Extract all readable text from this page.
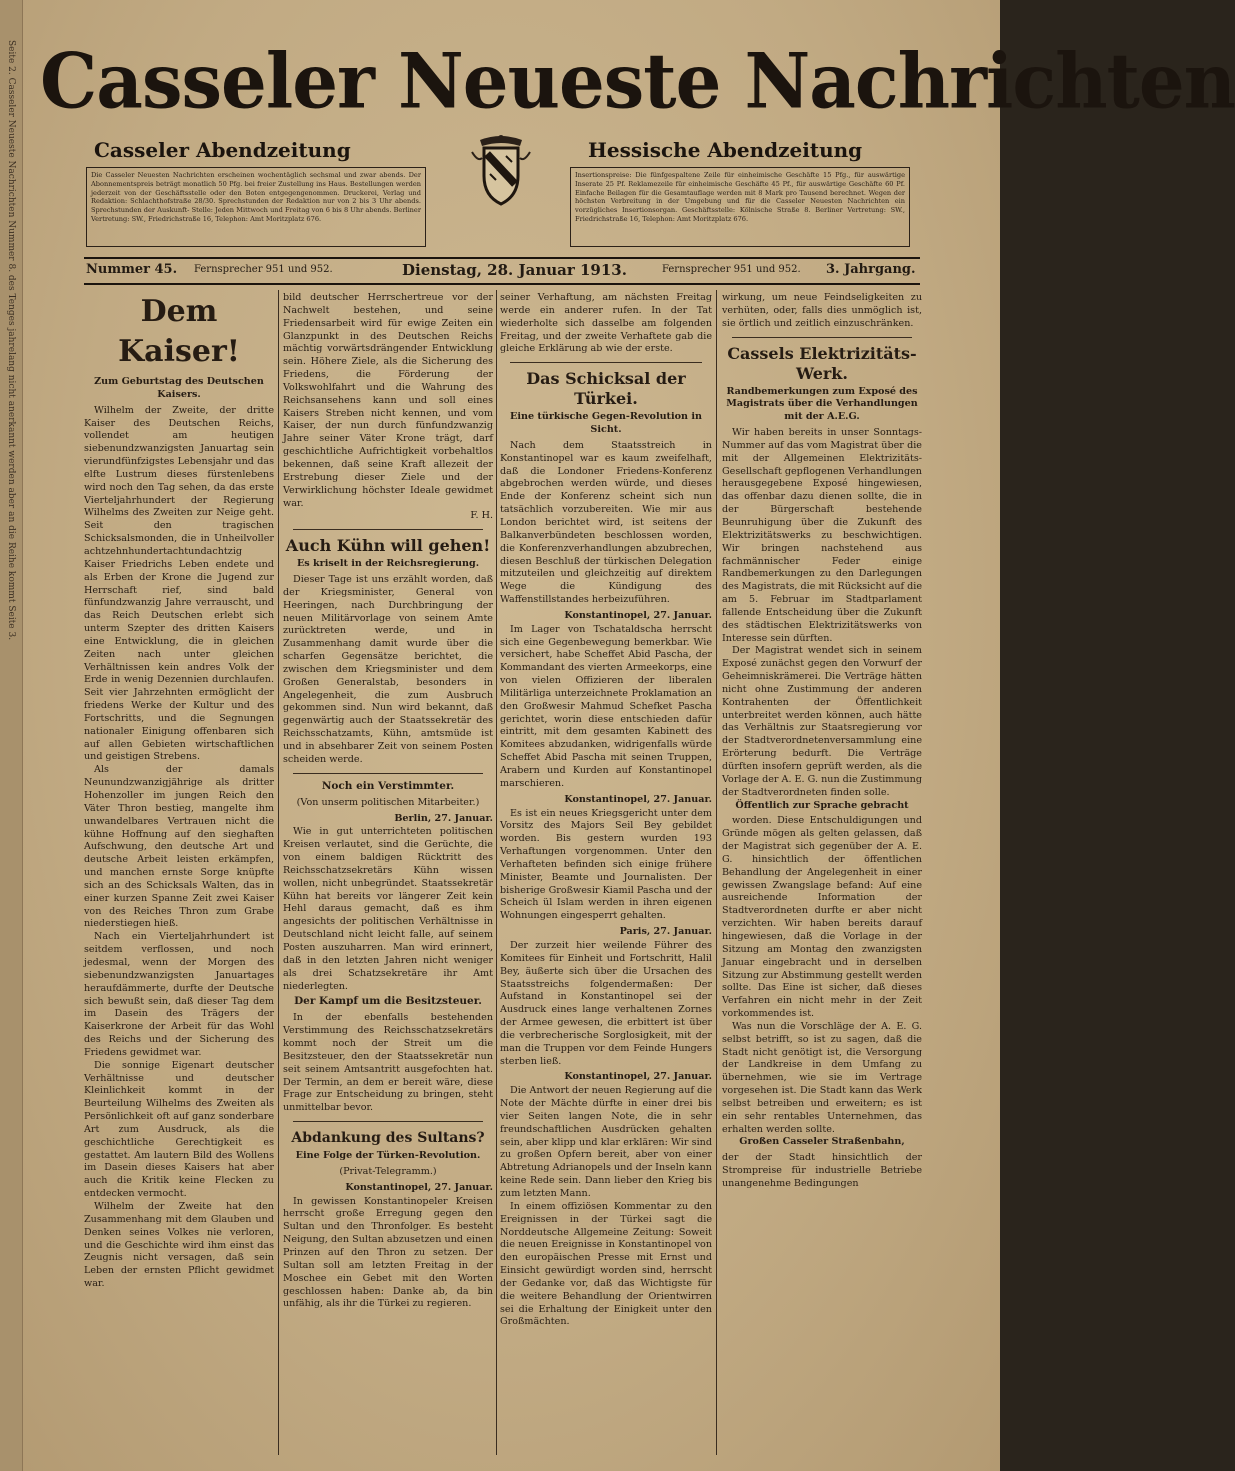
Seite 2. Casseler Neueste Nachrichten Nummer 8. des Tenges jahrelang nicht anerkannt werden aber an die Reihe kommt Seite 3. Casseler Neueste Nachrichten
Casseler Abendzeitung	Hessische Abendzeitung
Die Casseler Neuesten Nachrichten erscheinen wochentäglich sechsmal und zwar abends. Der Abonnementspreis beträgt monatlich 50 Pfg. bei freier Zustellung ins Haus. Bestellungen werden jederzeit von der Geschäftsstelle oder den Boten entgegengenommen. Druckerei, Verlag und Redaktion: Schlachthofstraße 28/30. Sprechstunden der Redaktion nur von 2 bis 3 Uhr abends. Sprechstunden der Auskunft- Stelle: Jeden Mittwoch und Freitag von 6 bis 8 Uhr abends. Berliner Vertretung: SW., Friedrichstraße 16, Telephon: Amt Moritzplatz 676.
Insertionspreise: Die fünfgespaltene Zeile für einheimische Geschäfte 15 Pfg., für auswärtige Inserate 25 Pf. Reklamezeile für einheimische Geschäfte 45 Pf., für auswärtige Geschäfte 60 Pf. Einfache Beilagen für die Gesamtauflage werden mit 8 Mark pro Tausend berechnet. Wegen der höchsten Verbreitung in der Umgebung und für die Casseler Neuesten Nachrichten ein vorzügliches Insertionsorgan. Geschäftsstelle: Kölnische Straße 8. Berliner Vertretung: SW., Friedrichstraße 16, Telephon: Amt Moritzplatz 676.
Nummer 45. Fernsprecher 951 und 952.	Dienstag, 28. Januar 1913.	Fernsprecher 951 und 952. 3. Jahrgang.
Dem Kaiser!
Zum Geburtstag des Deutschen Kaisers.

Wilhelm der Zweite, der dritte Kaiser des Deutschen Reichs, vollendet am heutigen siebenundzwanzigsten Januartag sein vierundfünfzigstes Lebensjahr und das elfte Lustrum dieses fürstenlebens wird noch den Tag sehen, da das erste Vierteljahrhundert der Regierung Wilhelms des Zweiten zur Neige geht. Seit den tragischen Schicksalsmonden, die in Unheilvoller achtzehnhundertachtundachtzig Kaiser Friedrichs Leben endete und als Erben der Krone die Jugend zur Herrschaft rief, sind bald fünfundzwanzig Jahre verrauscht, und das Reich Deutschen erlebt sich unterm Szepter des dritten Kaisers eine Entwicklung, die in gleichen Zeiten nach unter gleichen Verhältnissen kein andres Volk der Erde in wenig Dezennien durchlaufen. Seit vier Jahrzehnten ermöglicht der friedens Werke der Kultur und des Fortschritts, und die Segnungen nationaler Einigung offenbaren sich auf allen Gebieten wirtschaftlichen und geistigen Strebens.

Als der damals Neunundzwanzigjährige als dritter Hohenzoller im jungen Reich den Väter Thron bestieg, mangelte ihm unwandelbares Vertrauen nicht die kühne Hoffnung auf den sieghaften Aufschwung, den deutsche Art und deutsche Arbeit leisten erkämpfen, und manchen ernste Sorge knüpfte sich an des Schicksals Walten, das in einer kurzen Spanne Zeit zwei Kaiser von des Reiches Thron zum Grabe niederstiegen hieß.

Nach ein Vierteljahrhundert ist seitdem verflossen, und noch jedesmal, wenn der Morgen des siebenundzwanzigsten Januartages heraufdämmerte, durfte der Deutsche sich bewußt sein, daß dieser Tag dem im Dasein des Trägers der Kaiserkrone der Arbeit für das Wohl des Reichs und der Sicherung des Friedens gewidmet war.

Die sonnige Eigenart deutscher Verhältnisse und deutscher Kleinlichkeit kommt in der Beurteilung Wilhelms des Zweiten als Persönlichkeit oft auf ganz sonderbare Art zum Ausdruck, als die geschichtliche Gerechtigkeit es gestattet. Am lautern Bild des Wollens im Dasein dieses Kaisers hat aber auch die Kritik keine Flecken zu entdecken vermocht.

Wilhelm der Zweite hat den Zusammenhang mit dem Glauben und Denken seines Volkes nie verloren, und die Geschichte wird ihm einst das Zeugnis nicht versagen, daß sein Leben der ernsten Pflicht gewidmet war.

bild deutscher Herrschertreue vor der Nachwelt bestehen, und seine Friedensarbeit wird für ewige Zeiten ein Glanzpunkt in des Deutschen Reichs mächtig vorwärtsdrängender Entwicklung sein. Höhere Ziele, als die Sicherung des Friedens, die Förderung der Volkswohlfahrt und die Wahrung des Reichsansehens kann und soll eines Kaisers Streben nicht kennen, und vom Kaiser, der nun durch fünfundzwanzig Jahre seiner Väter Krone trägt, darf geschichtliche Aufrichtigkeit vorbehaltlos bekennen, daß seine Kraft allezeit der Erstrebung dieser Ziele und der Verwirklichung höchster Ideale gewidmet war.

F. H.
Auch Kühn will gehen!
Es kriselt in der Reichsregierung.

Dieser Tage ist uns erzählt worden, daß der Kriegsminister, General von Heeringen, nach Durchbringung der neuen Militärvorlage von seinem Amte zurücktreten werde, und in Zusammenhang damit wurde über die scharfen Gegensätze berichtet, die zwischen dem Kriegsminister und dem Großen Generalstab, besonders in Angelegenheit, die zum Ausbruch gekommen sind. Nun wird bekannt, daß gegenwärtig auch der Staatssekretär des Reichsschatzamts, Kühn, amtsmüde ist und in absehbarer Zeit von seinem Posten scheiden werde.

Noch ein Verstimmter.
(Von unserm politischen Mitarbeiter.)
Berlin, 27. Januar.

Wie in gut unterrichteten politischen Kreisen verlautet, sind die Gerüchte, die von einem baldigen Rücktritt des Reichsschatzsekretärs Kühn wissen wollen, nicht unbegründet. Staatssekretär Kühn hat bereits vor längerer Zeit kein Hehl daraus gemacht, daß es ihm angesichts der politischen Verhältnisse in Deutschland nicht leicht falle, auf seinem Posten auszuharren. Man wird erinnert, daß in den letzten Jahren nicht weniger als drei Schatzsekretäre ihr Amt niederlegten.

Der Kampf um die Besitzsteuer.

In der ebenfalls bestehenden Verstimmung des Reichsschatzsekretärs kommt noch der Streit um die Besitzsteuer, den der Staatssekretär nun seit seinem Amtsantritt ausgefochten hat. Der Termin, an dem er bereit wäre, diese Frage zur Entscheidung zu bringen, steht unmittelbar bevor.

Abdankung des Sultans?
Eine Folge der Türken-Revolution.
(Privat-Telegramm.)
Konstantinopel, 27. Januar.

In gewissen Konstantinopeler Kreisen herrscht große Erregung gegen den Sultan und den Thronfolger. Es besteht Neigung, den Sultan abzusetzen und einen Prinzen auf den Thron zu setzen. Der Sultan soll am letzten Freitag in der Moschee ein Gebet mit den Worten geschlossen haben: Danke ab, da bin unfähig, als ihr die Türkei zu regieren.

seiner Verhaftung, am nächsten Freitag werde ein anderer rufen. In der Tat wiederholte sich dasselbe am folgenden Freitag, und der zweite Verhaftete gab die gleiche Erklärung ab wie der erste.

Das Schicksal der Türkei.
Eine türkische Gegen-Revolution in Sicht.

Nach dem Staatsstreich in Konstantinopel war es kaum zweifelhaft, daß die Londoner Friedens-Konferenz abgebrochen werden würde, und dieses Ende der Konferenz scheint sich nun tatsächlich vorzubereiten. Wie mir aus London berichtet wird, ist seitens der Balkanverbündeten beschlossen worden, die Konferenzverhandlungen abzubrechen, diesen Beschluß der türkischen Delegation mitzuteilen und gleichzeitig auf direktem Wege die Kündigung des Waffenstillstandes herbeizuführen.

Konstantinopel, 27. Januar.

Im Lager von Tschataldscha herrscht sich eine Gegenbewegung bemerkbar. Wie versichert, habe Scheffet Abid Pascha, der Kommandant des vierten Armeekorps, eine von vielen Offizieren der liberalen Militärliga unterzeichnete Proklamation an den Großwesir Mahmud Schefket Pascha gerichtet, worin diese entschieden dafür eintritt, mit dem gesamten Kabinett des Komitees abzudanken, widrigenfalls würde Scheffet Abid Pascha mit seinen Truppen, Arabern und Kurden auf Konstantinopel marschieren.

Konstantinopel, 27. Januar.

Es ist ein neues Kriegsgericht unter dem Vorsitz des Majors Seil Bey gebildet worden. Bis gestern wurden 193 Verhaftungen vorgenommen. Unter den Verhafteten befinden sich einige frühere Minister, Beamte und Journalisten. Der bisherige Großwesir Kiamil Pascha und der Scheich ül Islam werden in ihren eigenen Wohnungen eingesperrt gehalten.

Paris, 27. Januar.

Der zurzeit hier weilende Führer des Komitees für Einheit und Fortschritt, Halil Bey, äußerte sich über die Ursachen des Staatsstreichs folgendermaßen: Der Aufstand in Konstantinopel sei der Ausdruck eines lange verhaltenen Zornes der Armee gewesen, die erbittert ist über die verbrecherische Sorglosigkeit, mit der man die Truppen vor dem Feinde Hungers sterben ließ.

Konstantinopel, 27. Januar.

Die Antwort der neuen Regierung auf die Note der Mächte dürfte in einer drei bis vier Seiten langen Note, die in sehr freundschaftlichen Ausdrücken gehalten sein, aber klipp und klar erklären: Wir sind zu großen Opfern bereit, aber von einer Abtretung Adrianopels und der Inseln kann keine Rede sein. Dann lieber den Krieg bis zum letzten Mann.

In einem offiziösen Kommentar zu den Ereignissen in der Türkei sagt die Norddeutsche Allgemeine Zeitung: Soweit die neuen Ereignisse in Konstantinopel von den europäischen Presse mit Ernst und Einsicht gewürdigt worden sind, herrscht der Gedanke vor, daß das Wichtigste für die weitere Behandlung der Orientwirren sei die Erhaltung der Einigkeit unter den Großmächten.

wirkung, um neue Feindseligkeiten zu verhüten, oder, falls dies unmöglich ist, sie örtlich und zeitlich einzuschränken.

Cassels Elektrizitäts-Werk.
Randbemerkungen zum Exposé des Magistrats über die Verhandlungen mit der A.E.G.

Wir haben bereits in unser Sonntags-Nummer auf das vom Magistrat über die mit der Allgemeinen Elektrizitäts-Gesellschaft gepflogenen Verhandlungen herausgegebene Exposé hingewiesen, das offenbar dazu dienen sollte, die in der Bürgerschaft bestehende Beunruhigung über die Zukunft des Elektrizitätswerks zu beschwichtigen. Wir bringen nachstehend aus fachmännischer Feder einige Randbemerkungen zu den Darlegungen des Magistrats, die mit Rücksicht auf die am 5. Februar im Stadtparlament fallende Entscheidung über die Zukunft des städtischen Elektrizitätswerks von Interesse sein dürften.

Der Magistrat wendet sich in seinem Exposé zunächst gegen den Vorwurf der Geheimniskrämerei. Die Verträge hätten nicht ohne Zustimmung der anderen Kontrahenten der Öffentlichkeit unterbreitet werden können, auch hätte das Verhältnis zur Staatsregierung vor der Stadtverordnetenversammlung eine Erörterung bedurft. Die Verträge dürften insofern geprüft werden, als die Vorlage der A. E. G. nun die Zustimmung der Stadtverordneten finden solle.

Öffentlich zur Sprache gebracht

worden. Diese Entschuldigungen und Gründe mögen als gelten gelassen, daß der Magistrat sich gegenüber der A. E. G. hinsichtlich der öffentlichen Behandlung der Angelegenheit in einer gewissen Zwangslage befand: Auf eine ausreichende Information der Stadtverordneten durfte er aber nicht verzichten. Wir haben bereits darauf hingewiesen, daß die Vorlage in der Sitzung am Montag den zwanzigsten Januar eingebracht und in derselben Sitzung zur Abstimmung gestellt werden sollte. Das Eine ist sicher, daß dieses Verfahren ein nicht mehr in der Zeit vorkommendes ist.

Was nun die Vorschläge der A. E. G. selbst betrifft, so ist zu sagen, daß die Stadt nicht genötigt ist, die Versorgung der Landkreise in dem Umfang zu übernehmen, wie sie im Vertrage vorgesehen ist. Die Stadt kann das Werk selbst betreiben und erweitern; es ist ein sehr rentables Unternehmen, das erhalten werden sollte.

Großen Casseler Straßenbahn,

der der Stadt hinsichtlich der Strompreise für industrielle Betriebe unangenehme Bedingungen
